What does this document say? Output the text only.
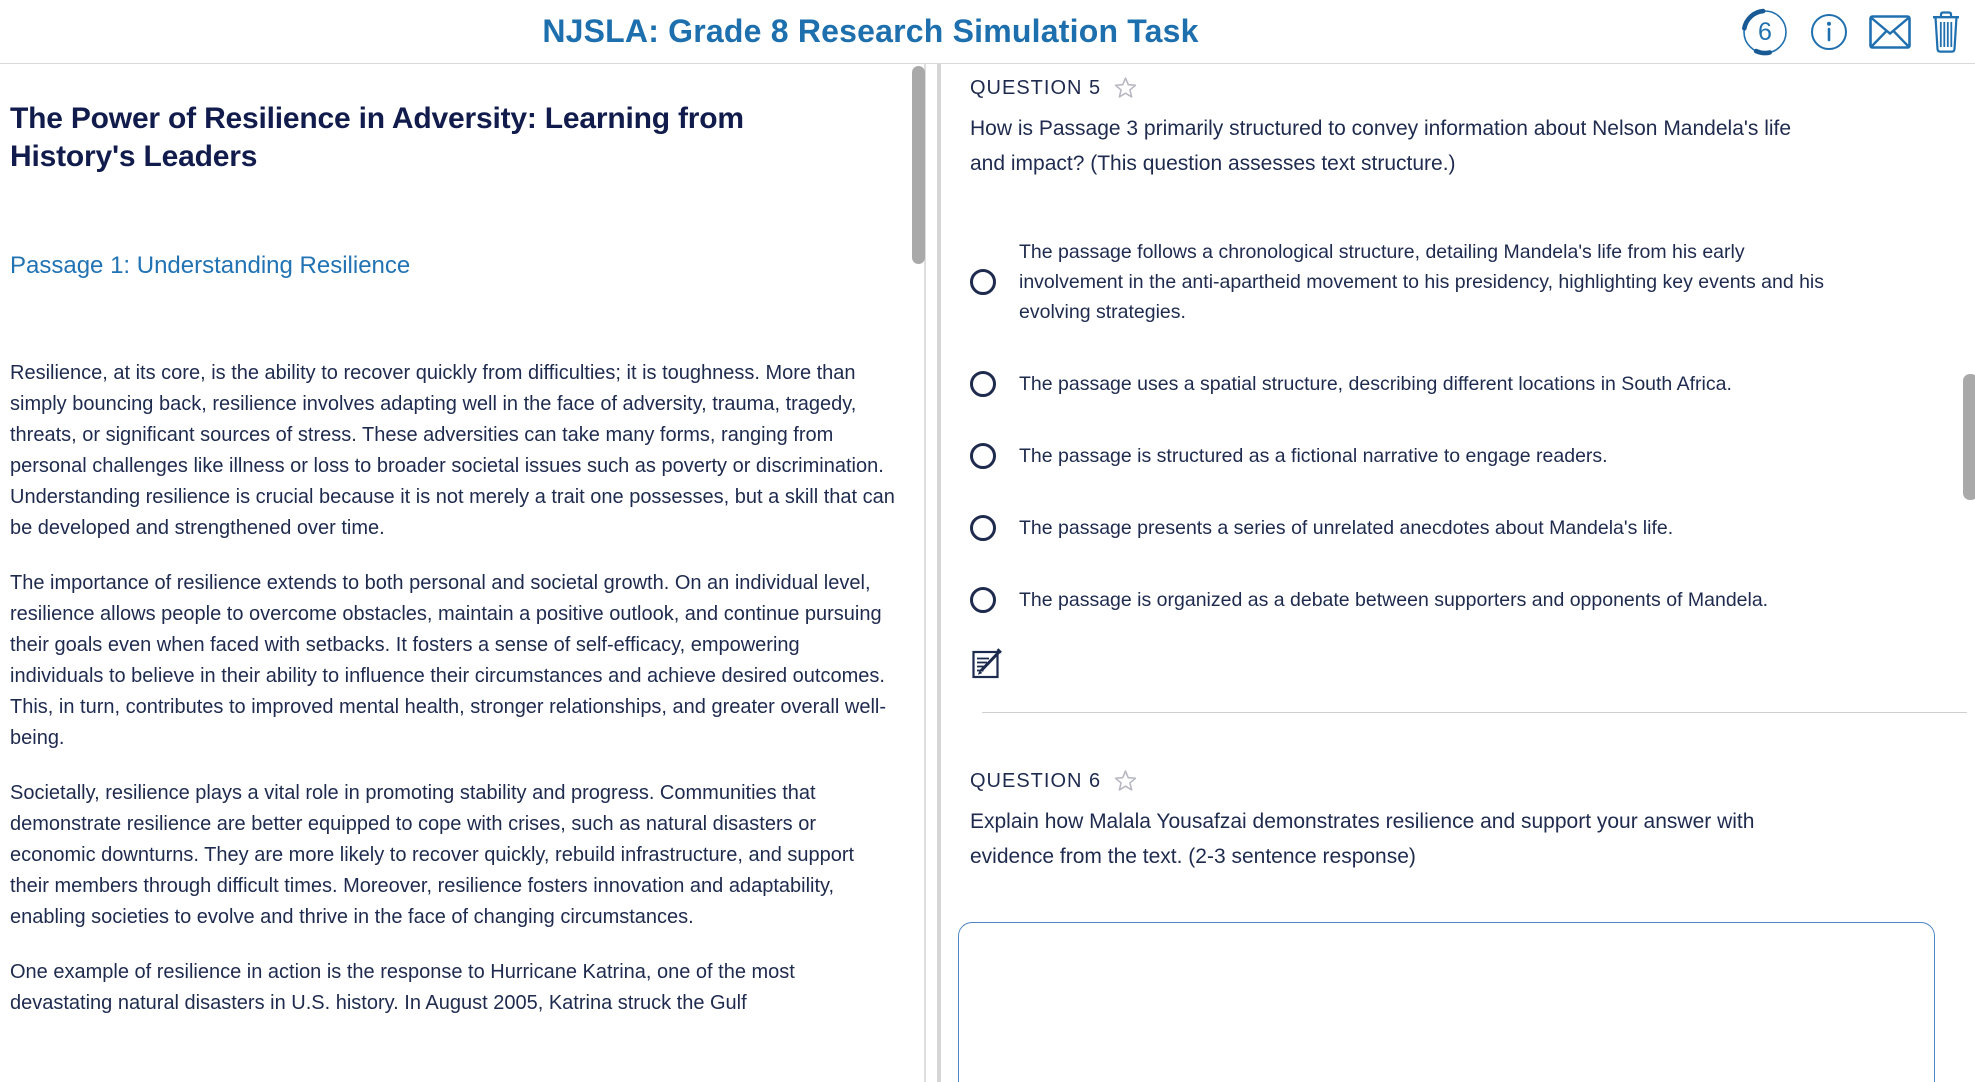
NJSLA: Grade 8 Research Simulation Task	6
The Power of Resilience in Adversity: Learning from History's Leaders
Passage 1: Understanding Resilience

Resilience, at its core, is the ability to recover quickly from difficulties; it is toughness. More than simply bouncing back, resilience involves adapting well in the face of adversity, trauma, tragedy, threats, or significant sources of stress. These adversities can take many forms, ranging from personal challenges like illness or loss to broader societal issues such as poverty or discrimination. Understanding resilience is crucial because it is not merely a trait one possesses, but a skill that can be developed and strengthened over time.

The importance of resilience extends to both personal and societal growth. On an individual level, resilience allows people to overcome obstacles, maintain a positive outlook, and continue pursuing their goals even when faced with setbacks. It fosters a sense of self-efficacy, empowering individuals to believe in their ability to influence their circumstances and achieve desired outcomes. This, in turn, contributes to improved mental health, stronger relationships, and greater overall well-being.

Societally, resilience plays a vital role in promoting stability and progress. Communities that demonstrate resilience are better equipped to cope with crises, such as natural disasters or economic downturns. They are more likely to recover quickly, rebuild infrastructure, and support their members through difficult times. Moreover, resilience fosters innovation and adaptability, enabling societies to evolve and thrive in the face of changing circumstances.

One example of resilience in action is the response to Hurricane Katrina, one of the most devastating natural disasters in U.S. history. In August 2005, Katrina struck the Gulf

QUESTION 5

How is Passage 3 primarily structured to convey information about Nelson Mandela's life and impact? (This question assesses text structure.)

The passage follows a chronological structure, detailing Mandela's life from his early involvement in the anti-apartheid movement to his presidency, highlighting key events and his evolving strategies.
The passage uses a spatial structure, describing different locations in South Africa.
The passage is structured as a fictional narrative to engage readers.
The passage presents a series of unrelated anecdotes about Mandela's life.
The passage is organized as a debate between supporters and opponents of Mandela.
QUESTION 6

Explain how Malala Yousafzai demonstrates resilience and support your answer with evidence from the text. (2-3 sentence response)
